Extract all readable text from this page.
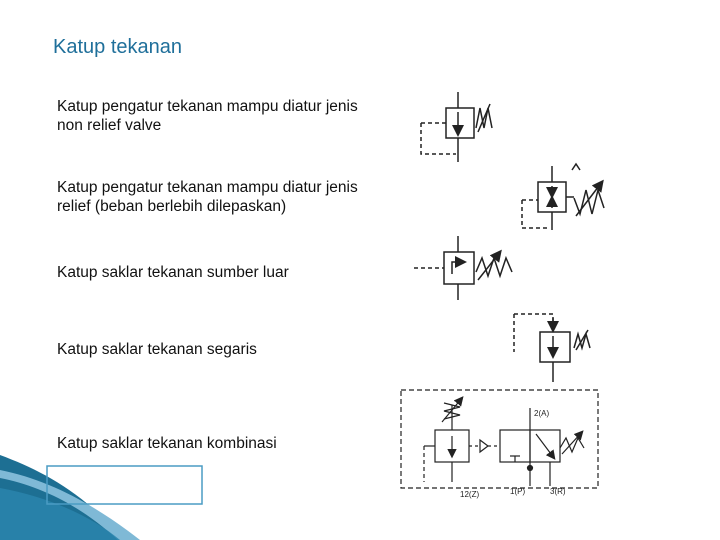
Katup tekanan
Katup pengatur tekanan mampu diatur jenis non relief valve
Katup pengatur tekanan mampu diatur jenis relief (beban berlebih dilepaskan)
Katup saklar tekanan sumber luar
Katup saklar tekanan segaris
Katup saklar tekanan kombinasi
2(A)
12(Z)	1(P)	3(R)
